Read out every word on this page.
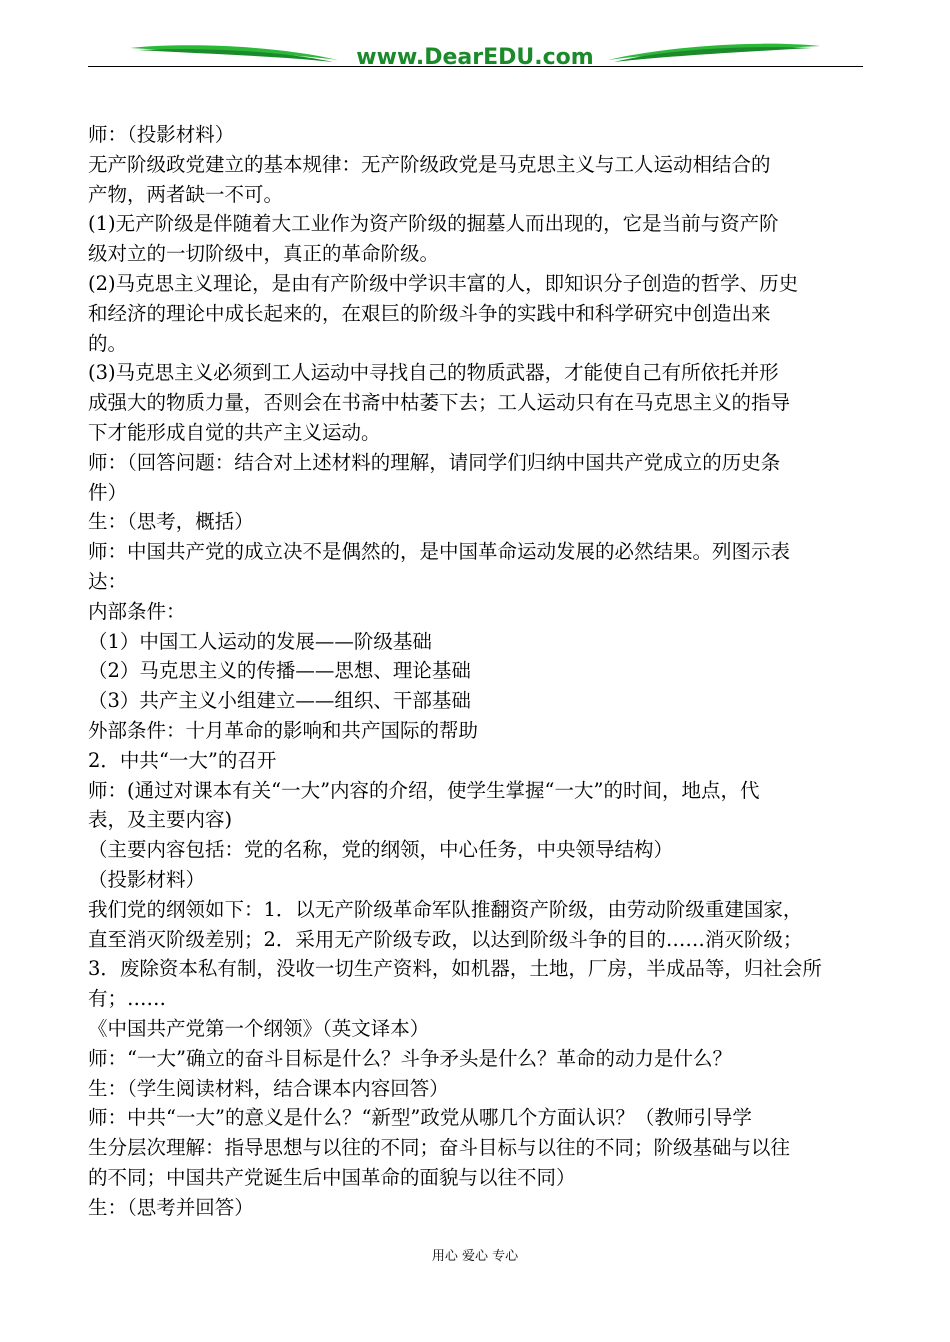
www.DearEDU.com
师：（投影材料）
无产阶级政党建立的基本规律：无产阶级政党是马克思主义与工人运动相结合的
产物，两者缺一不可。
(1)无产阶级是伴随着大工业作为资产阶级的掘墓人而出现的，它是当前与资产阶
级对立的一切阶级中，真正的革命阶级。
(2)马克思主义理论，是由有产阶级中学识丰富的人，即知识分子创造的哲学、历史
和经济的理论中成长起来的，在艰巨的阶级斗争的实践中和科学研究中创造出来
的。
(3)马克思主义必须到工人运动中寻找自己的物质武器，才能使自己有所依托并形
成强大的物质力量，否则会在书斋中枯萎下去；工人运动只有在马克思主义的指导
下才能形成自觉的共产主义运动。
师：（回答问题：结合对上述材料的理解，请同学们归纳中国共产党成立的历史条
件）
生：（思考，概括）
师：中国共产党的成立决不是偶然的，是中国革命运动发展的必然结果。列图示表
达：
内部条件：
（1）中国工人运动的发展——阶级基础
（2）马克思主义的传播——思想、理论基础
（3）共产主义小组建立——组织、干部基础
外部条件：十月革命的影响和共产国际的帮助
2．中共“一大”的召开
师：(通过对课本有关“一大”内容的介绍，使学生掌握“一大”的时间，地点，代
表，及主要内容)
（主要内容包括：党的名称，党的纲领，中心任务，中央领导结构）
（投影材料）
我们党的纲领如下：1．以无产阶级革命军队推翻资产阶级，由劳动阶级重建国家，
直至消灭阶级差别；2．采用无产阶级专政，以达到阶级斗争的目的……消灭阶级；
3．废除资本私有制，没收一切生产资料，如机器，土地，厂房，半成品等，归社会所
有；……
《中国共产党第一个纲领》（英文译本）
师：“一大”确立的奋斗目标是什么？斗争矛头是什么？革命的动力是什么？
生：（学生阅读材料，结合课本内容回答）
师：中共“一大”的意义是什么？“新型”政党从哪几个方面认识？（教师引导学
生分层次理解：指导思想与以往的不同；奋斗目标与以往的不同；阶级基础与以往
的不同；中国共产党诞生后中国革命的面貌与以往不同）
生：（思考并回答）
用心 爱心 专心
